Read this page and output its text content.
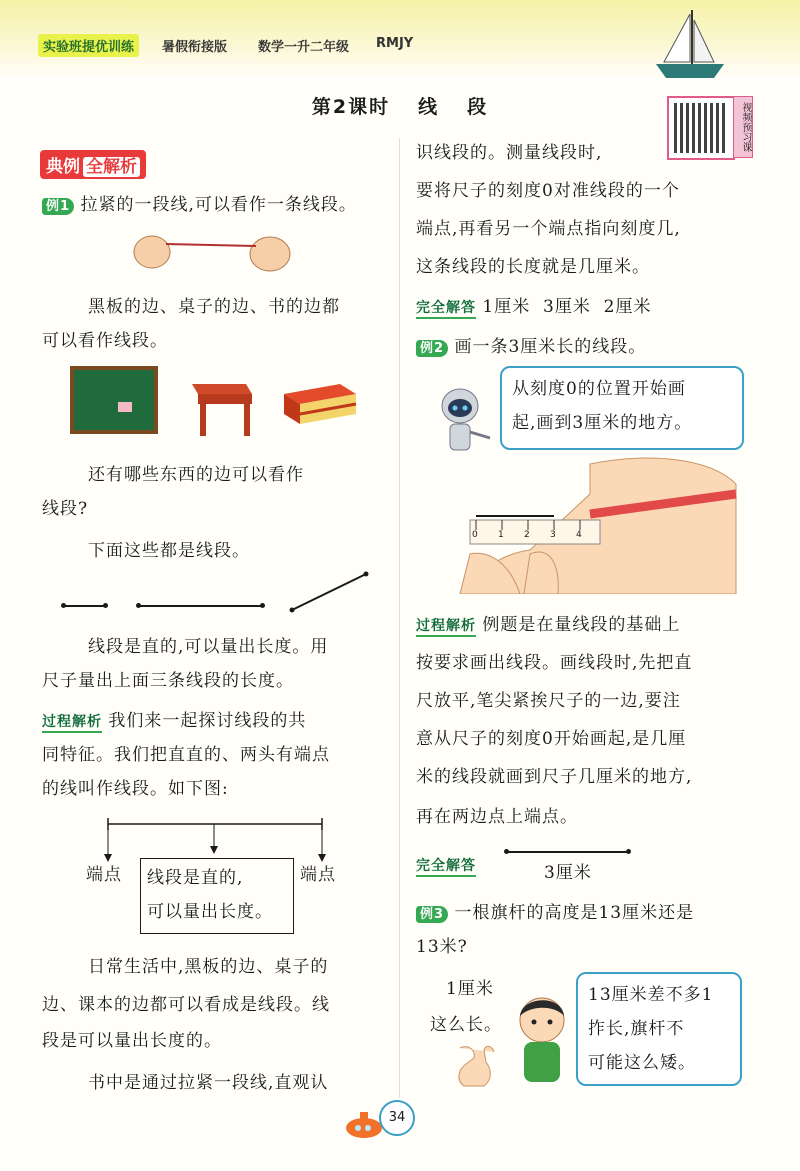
实验班提优训练	暑假衔接版 数学一升二年级 RMJY
第2课时 线 段	视频预习课
典例 全解析
例1 拉紧的一段线,可以看作一条线段。
黑板的边、桌子的边、书的边都
可以看作线段。
还有哪些东西的边可以看作
线段?
下面这些都是线段。
线段是直的,可以量出长度。用
尺子量出上面三条线段的长度。
过程解析 我们来一起探讨线段的共
同特征。我们把直直的、两头有端点
的线叫作线段。如下图:
端点	端点
线段是直的,
可以量出长度。
日常生活中,黑板的边、桌子的
边、课本的边都可以看成是线段。线
段是可以量出长度的。
书中是通过拉紧一段线,直观认
识线段的。测量线段时,
要将尺子的刻度0对准线段的一个
端点,再看另一个端点指向刻度几,
这条线段的长度就是几厘米。
完全解答 1厘米  3厘米  2厘米
例2 画一条3厘米长的线段。
从刻度0的位置开始画
起,画到3厘米的地方。
0 1 2 3 4
过程解析 例题是在量线段的基础上
按要求画出线段。画线段时,先把直
尺放平,笔尖紧挨尺子的一边,要注
意从尺子的刻度0开始画起,是几厘
米的线段就画到尺子几厘米的地方,
再在两边点上端点。
完全解答	3厘米
例3 一根旗杆的高度是13厘米还是
13米?
1厘米
这么长。
13厘米差不多1
拃长,旗杆不
可能这么矮。
34
